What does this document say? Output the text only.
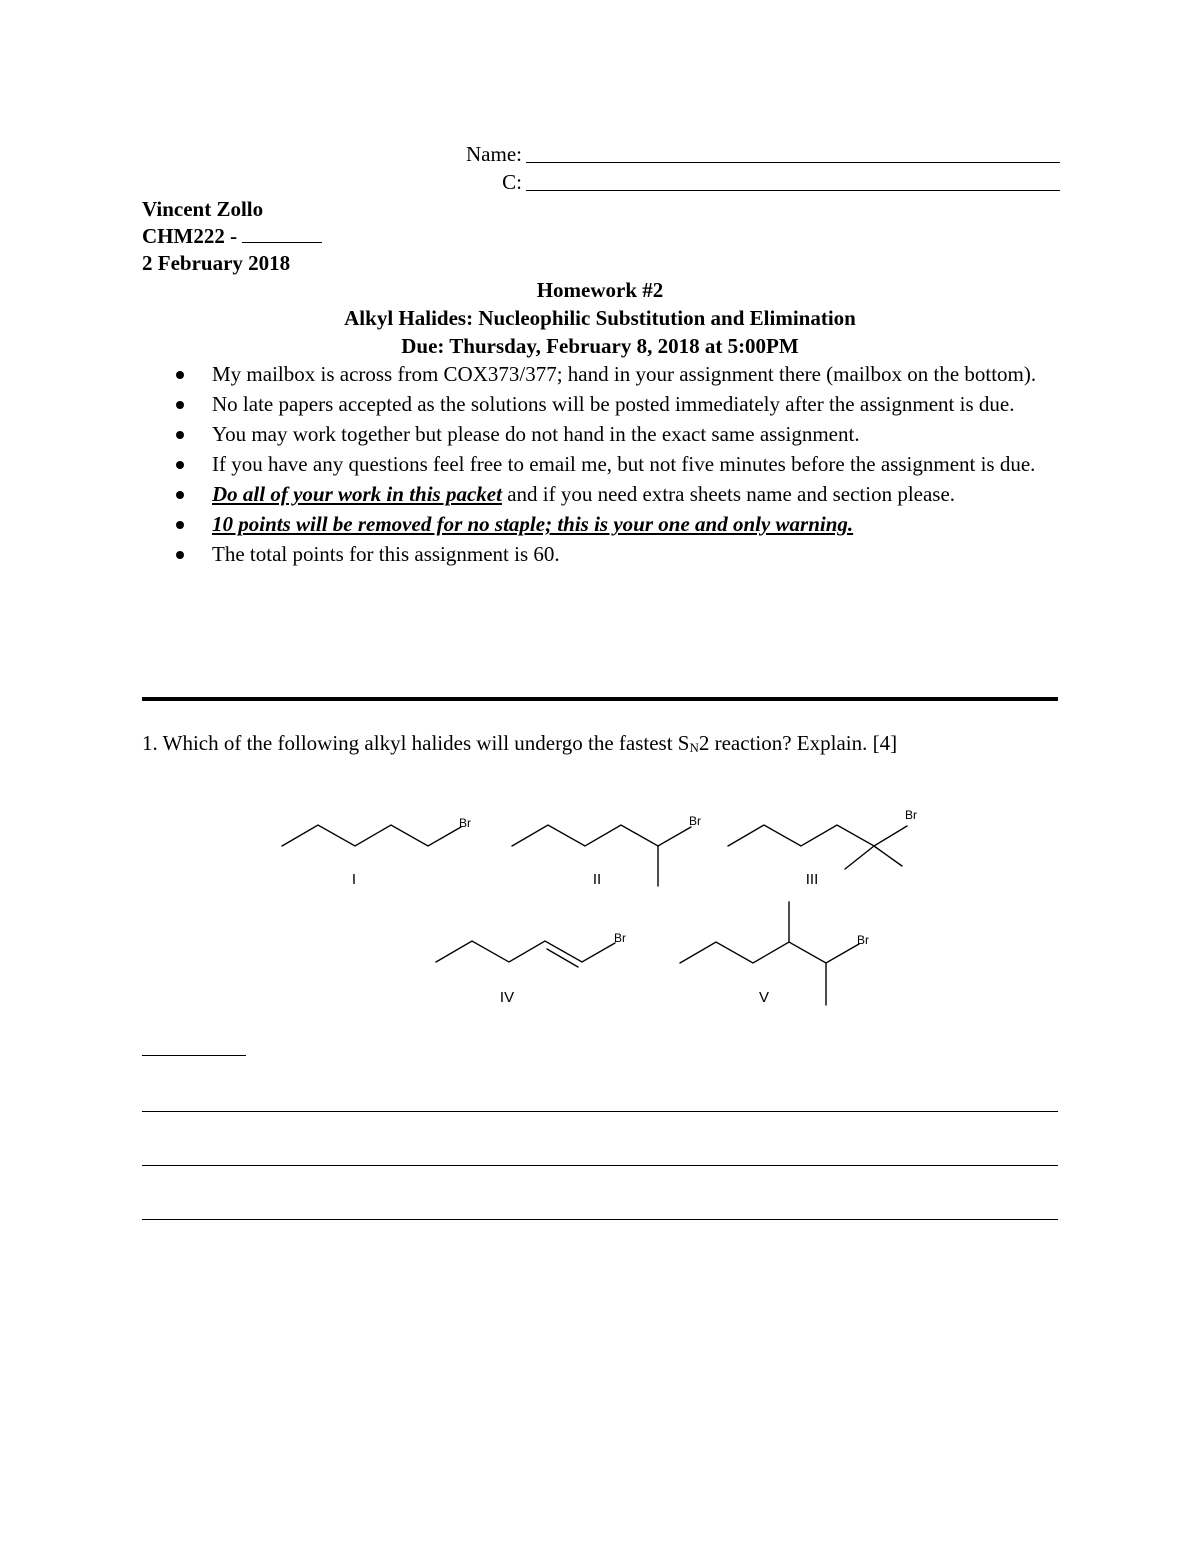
Name:
C:
Vincent Zollo
CHM222 -
2 February 2018
Homework #2
Alkyl Halides: Nucleophilic Substitution and Elimination
Due: Thursday, February 8, 2018 at 5:00PM
My mailbox is across from COX373/377; hand in your assignment there (mailbox on the bottom).
No late papers accepted as the solutions will be posted immediately after the assignment is due.
You may work together but please do not hand in the exact same assignment.
If you have any questions feel free to email me, but not five minutes before the assignment is due.
Do all of your work in this packet and if you need extra sheets name and section please.
10 points will be removed for no staple; this is your one and only warning.
The total points for this assignment is 60.
1. Which of the following alkyl halides will undergo the fastest SN2 reaction? Explain. [4]
Br	Br	Br
Br	Br
I	II	III
IV	V
